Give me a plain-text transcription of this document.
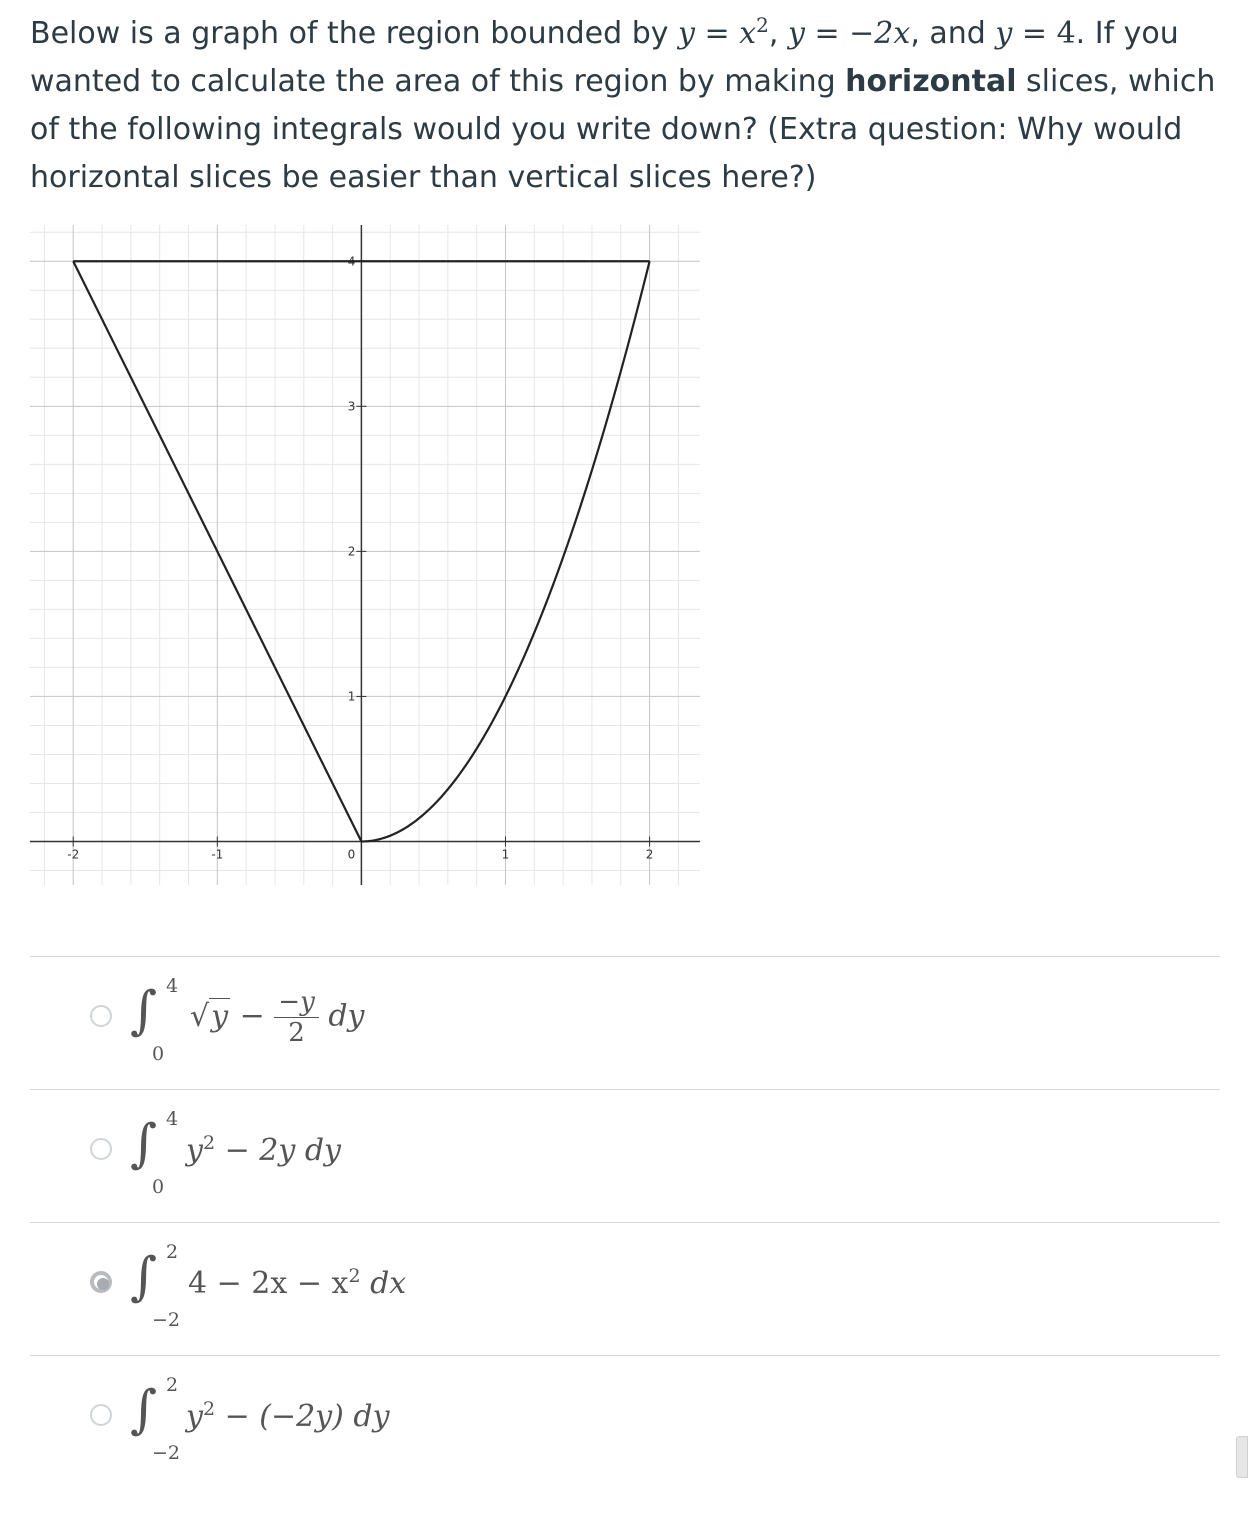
Below is a graph of the region bounded by $y = x^2$, y = −2x, and y = 4. If you wanted to calculate the area of this region by making horizontal slices, which of the following integrals would you write down? (Extra question: Why would horizontal slices be easier than vertical slices here?)
-2	-1	0	1	2
1
2
3
4
∫ 4
0
$√y - \frac{-y}{2}$ dy
∫ 4
0
$y^2 - 2y$ dy
∫ 2
−2
$4 - 2x - x^2$ dx
∫ 2
−2
$y^2 - (-2y)$ dy
